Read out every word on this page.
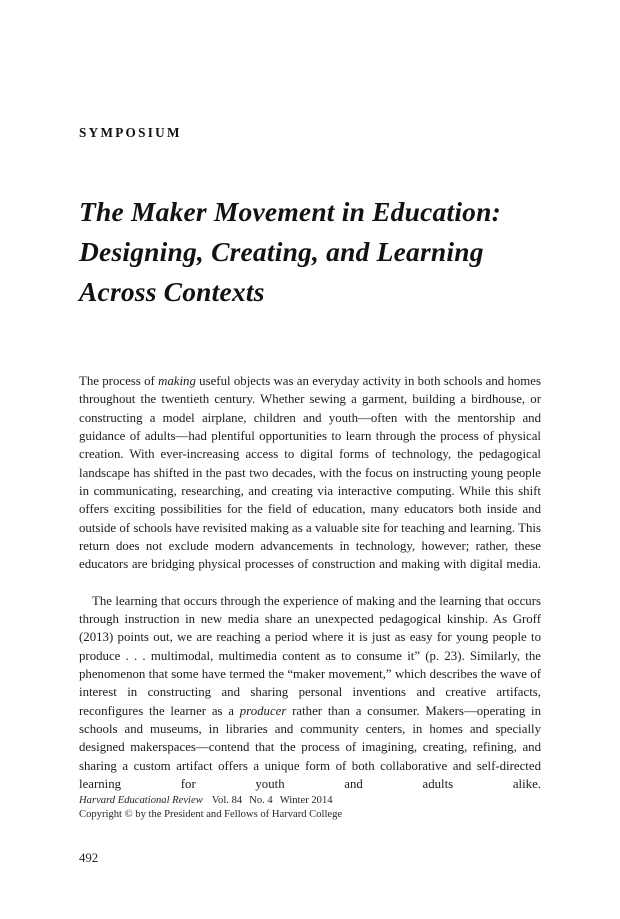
SYMPOSIUM
The Maker Movement in Education:
Designing, Creating, and Learning
Across Contexts

The process of making useful objects was an everyday activity in both schools and homes throughout the twentieth century. Whether sewing a garment, building a birdhouse, or constructing a model airplane, children and youth—often with the mentorship and guidance of adults—had plentiful opportunities to learn through the process of physical creation. With ever-increasing access to digital forms of technology, the pedagogical landscape has shifted in the past two decades, with the focus on instructing young people in communicating, researching, and creating via interactive computing. While this shift offers exciting possibilities for the field of education, many educators both inside and outside of schools have revisited making as a valuable site for teaching and learning. This return does not exclude modern advancements in technology, however; rather, these educators are bridging physical processes of construction and making with digital media.

The learning that occurs through the experience of making and the learning that occurs through instruction in new media share an unexpected pedagogical kinship. As Groff (2013) points out, we are reaching a period where it is just as easy for young people to produce . . . multimodal, multimedia content as to consume it” (p. 23). Similarly, the phenomenon that some have termed the “maker movement,” which describes the wave of interest in constructing and sharing personal inventions and creative artifacts, reconfigures the learner as a producer rather than a consumer. Makers—operating in schools and museums, in libraries and community centers, in homes and specially designed makerspaces—contend that the process of imagining, creating, refining, and sharing a custom artifact offers a unique form of both collaborative and self-directed learning for youth and adults alike.

Harvard Educational Review Vol. 84 No. 4 Winter 2014
Copyright © by the President and Fellows of Harvard College
492
